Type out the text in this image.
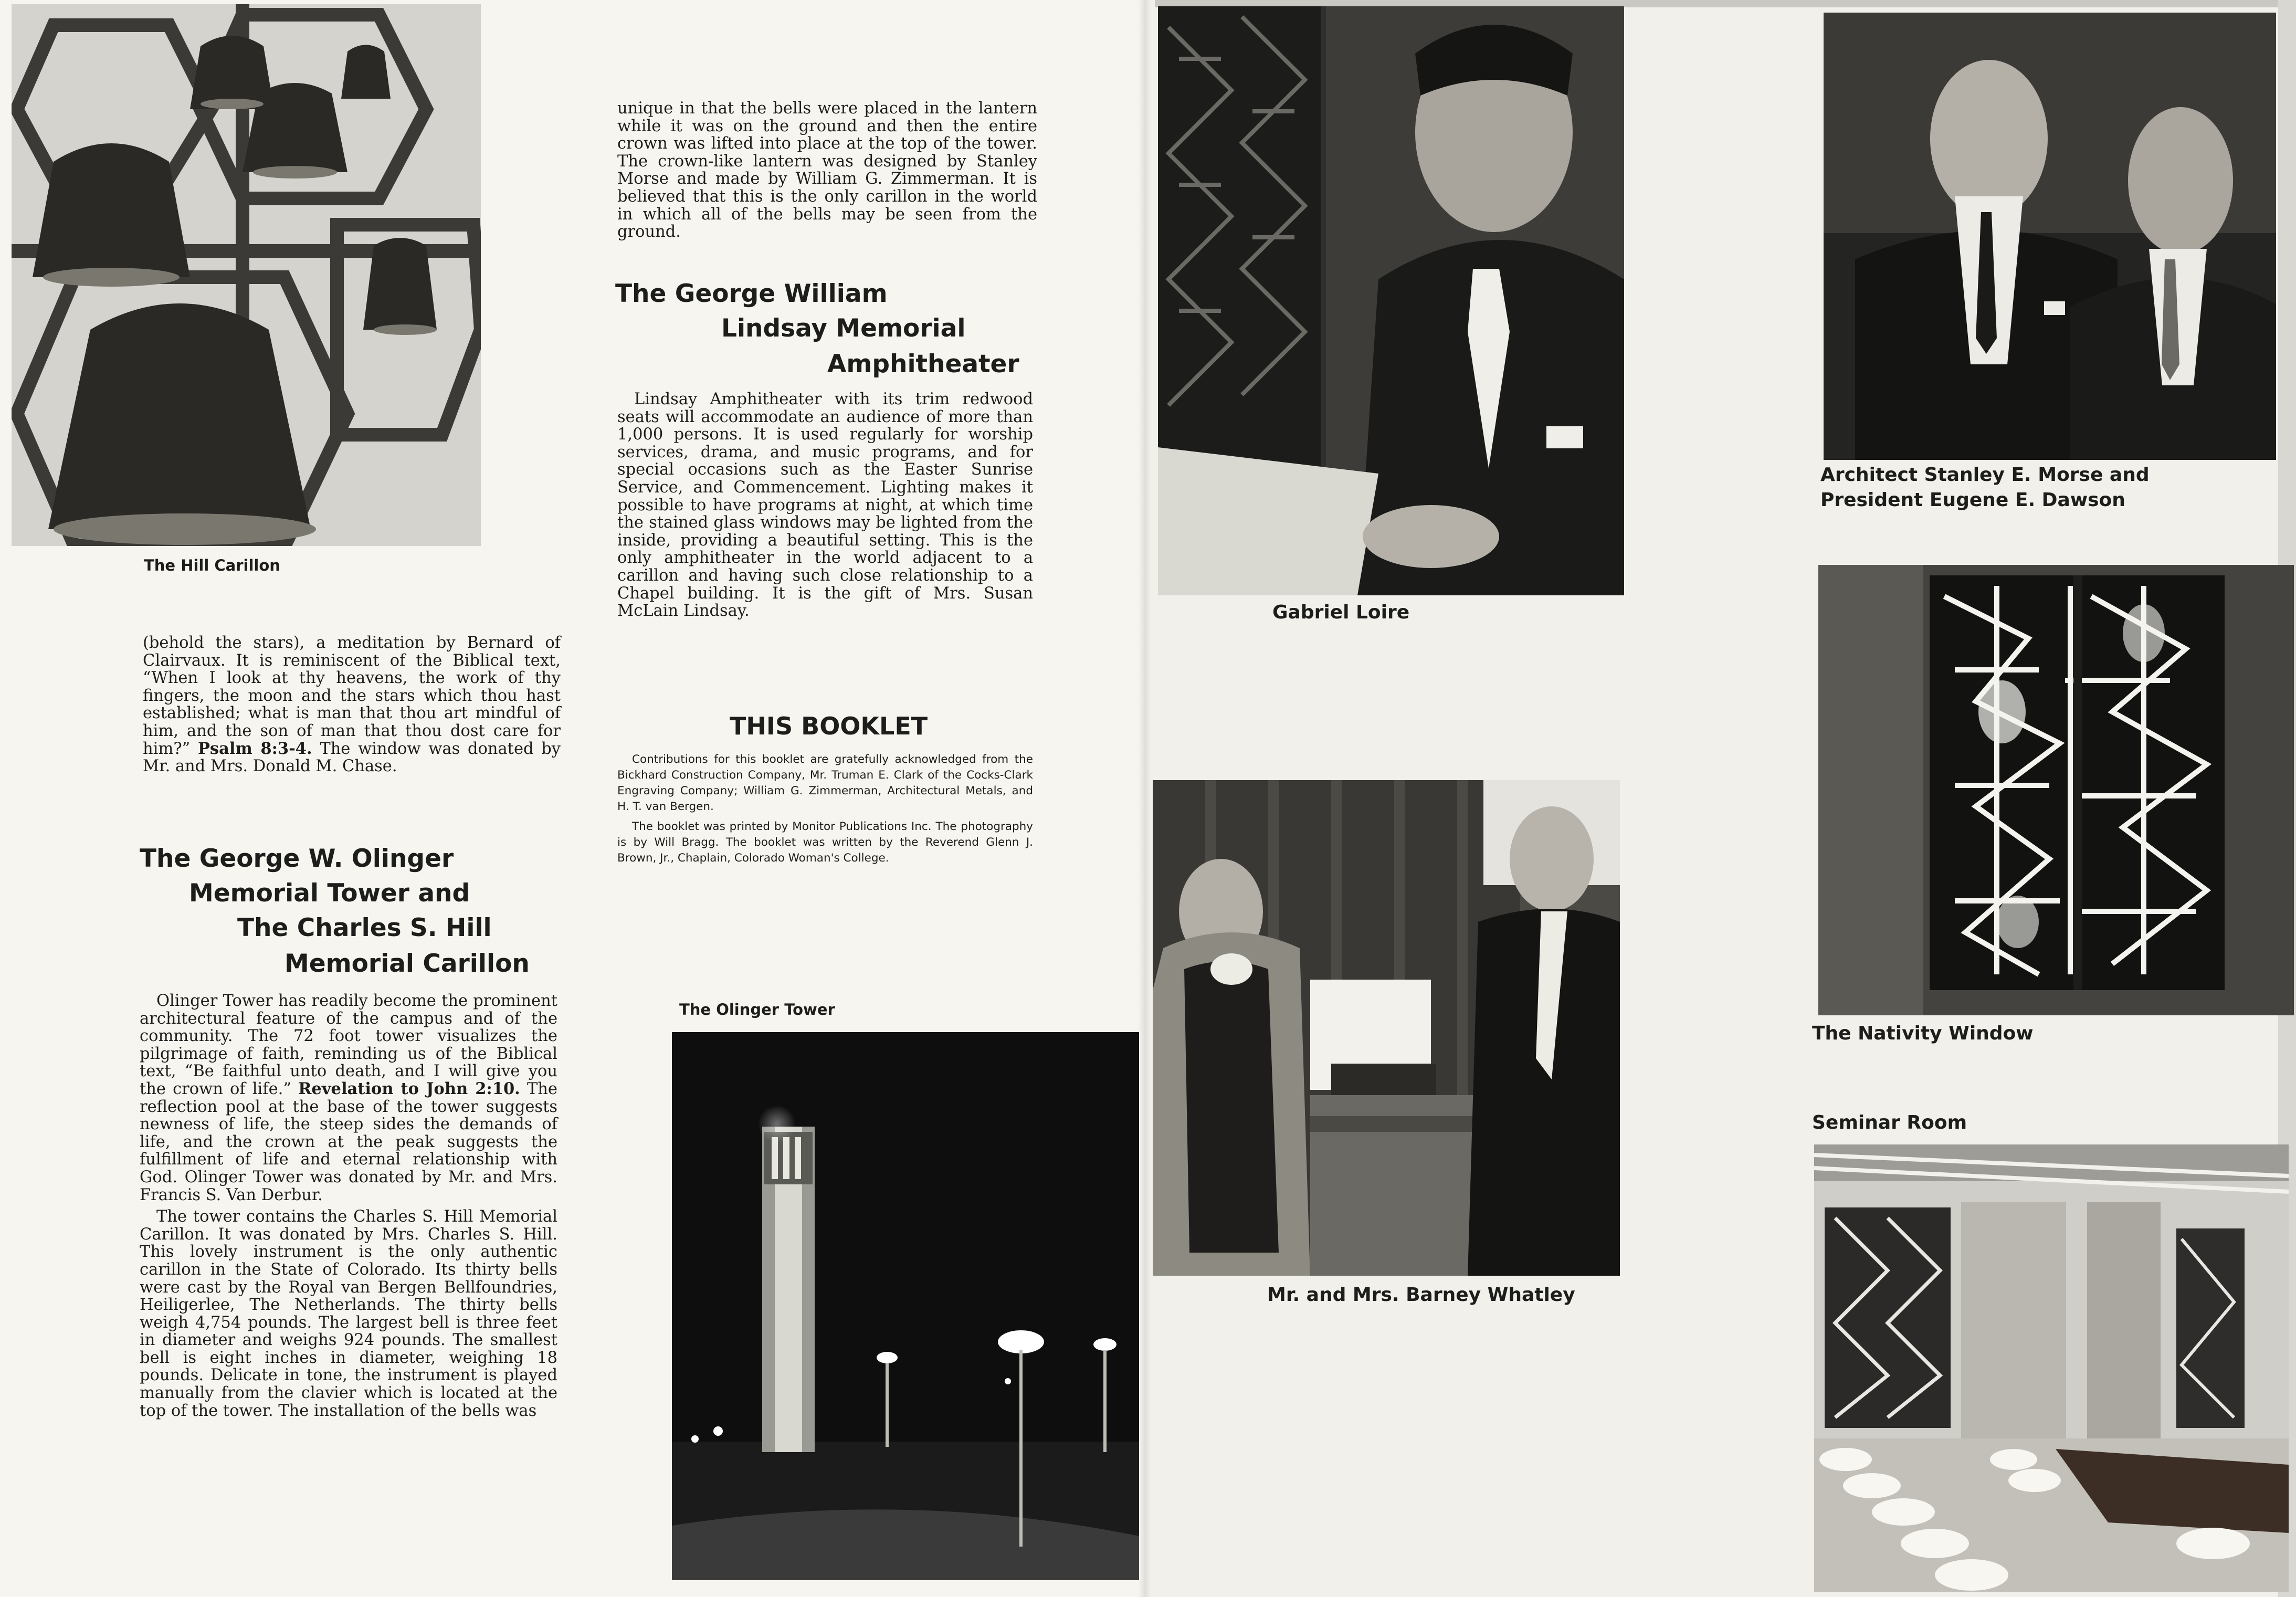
The Hill Carillon

(behold the stars), a meditation by Bernard of Clairvaux. It is reminiscent of the Biblical text, “When I look at thy heavens, the work of thy fingers, the moon and the stars which thou hast established; what is man that thou art mindful of him, and the son of man that thou dost care for him?” Psalm 8:3-4. The window was donated by Mr. and Mrs. Donald M. Chase.

The George W. Olinger
Memorial Tower and
The Charles S. Hill
Memorial Carillon

Olinger Tower has readily become the prominent architectural feature of the campus and of the community. The 72 foot tower visualizes the pilgrimage of faith, reminding us of the Biblical text, “Be faithful unto death, and I will give you the crown of life.” Revelation to John 2:10. The reflection pool at the base of the tower suggests newness of life, the steep sides the demands of life, and the crown at the peak suggests the fulfillment of life and eternal relationship with God. Olinger Tower was donated by Mr. and Mrs. Francis S. Van Derbur.

The tower contains the Charles S. Hill Memorial Carillon. It was donated by Mrs. Charles S. Hill. This lovely instrument is the only authentic carillon in the State of Colorado. Its thirty bells were cast by the Royal van Bergen Bellfoundries, Heiligerlee, The Netherlands. The thirty bells weigh 4,754 pounds. The largest bell is three feet in diameter and weighs 924 pounds. The smallest bell is eight inches in diameter, weighing 18 pounds. Delicate in tone, the instrument is played manually from the clavier which is located at the top of the tower. The installation of the bells was

unique in that the bells were placed in the lantern while it was on the ground and then the entire crown was lifted into place at the top of the tower. The crown-like lantern was designed by Stanley Morse and made by William G. Zimmerman. It is believed that this is the only carillon in the world in which all of the bells may be seen from the ground.
The George William
Lindsay Memorial
Amphitheater

Lindsay Amphitheater with its trim redwood seats will accommodate an audience of more than 1,000 persons. It is used regularly for worship services, drama, and music programs, and for special occasions such as the Easter Sunrise Service, and Commencement. Lighting makes it possible to have programs at night, at which time the stained glass windows may be lighted from the inside, providing a beautiful setting. This is the only amphitheater in the world adjacent to a carillon and having such close relationship to a Chapel building. It is the gift of Mrs. Susan McLain Lindsay.

THIS BOOKLET

Contributions for this booklet are gratefully acknowledged from the Bickhard Construction Company, Mr. Truman E. Clark of the Cocks-Clark Engraving Company; William G. Zimmerman, Architectural Metals, and H. T. van Bergen.

The booklet was printed by Monitor Publications Inc. The photography is by Will Bragg. The booklet was written by the Reverend Glenn J. Brown, Jr., Chaplain, Colorado Woman's College.

The Olinger Tower
Gabriel Loire
Architect Stanley E. Morse and
President Eugene E. Dawson
The Nativity Window
Seminar Room
Mr. and Mrs. Barney Whatley
